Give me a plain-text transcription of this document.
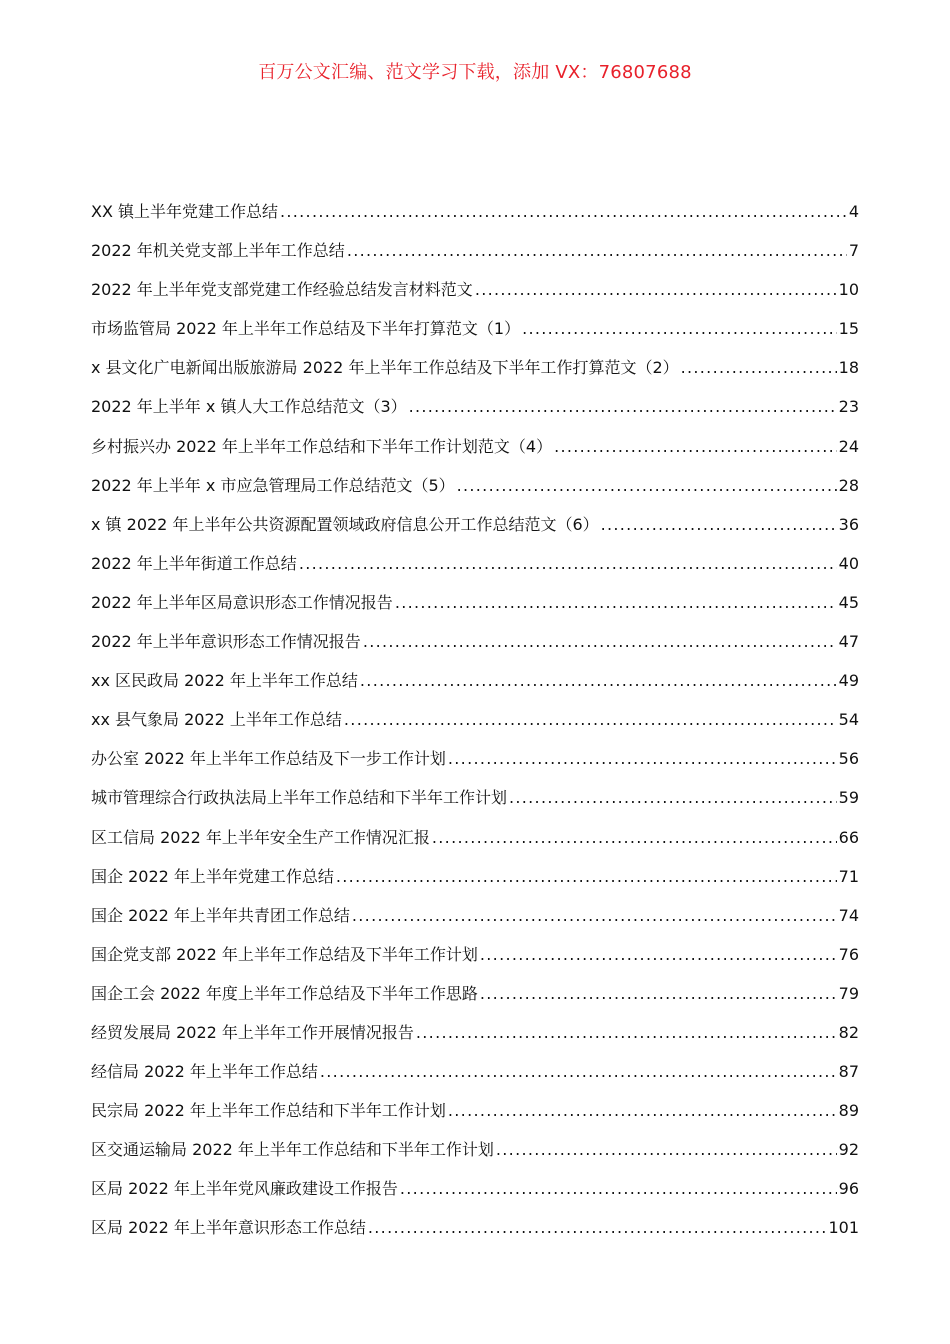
百万公文汇编、范文学习下载，添加 VX：76807688
XX 镇上半年党建工作总结 .....	4
2022 年机关党支部上半年工作总结 .....	7
2022 年上半年党支部党建工作经验总结发言材料范文 .....	10
市场监管局 2022 年上半年工作总结及下半年打算范文（1） .....	15
x 县文化广电新闻出版旅游局 2022 年上半年工作总结及下半年工作打算范文（2） .....	18
2022 年上半年 x 镇人大工作总结范文（3） .....	23
乡村振兴办 2022 年上半年工作总结和下半年工作计划范文（4） .....	24
2022 年上半年 x 市应急管理局工作总结范文（5） .....	28
x 镇 2022 年上半年公共资源配置领域政府信息公开工作总结范文（6） .....	36
2022 年上半年街道工作总结 .....	40
2022 年上半年区局意识形态工作情况报告 .....	45
2022 年上半年意识形态工作情况报告 .....	47
xx 区民政局 2022 年上半年工作总结 .....	49
xx 县气象局 2022 上半年工作总结 .....	54
办公室 2022 年上半年工作总结及下一步工作计划 .....	56
城市管理综合行政执法局上半年工作总结和下半年工作计划 .....	59
区工信局 2022 年上半年安全生产工作情况汇报 .....	66
国企 2022 年上半年党建工作总结 .....	71
国企 2022 年上半年共青团工作总结 .....	74
国企党支部 2022 年上半年工作总结及下半年工作计划 .....	76
国企工会 2022 年度上半年工作总结及下半年工作思路 .....	79
经贸发展局 2022 年上半年工作开展情况报告 .....	82
经信局 2022 年上半年工作总结 .....	87
民宗局 2022 年上半年工作总结和下半年工作计划 .....	89
区交通运输局 2022 年上半年工作总结和下半年工作计划 .....	92
区局 2022 年上半年党风廉政建设工作报告 .....	96
区局 2022 年上半年意识形态工作总结 .....	101
